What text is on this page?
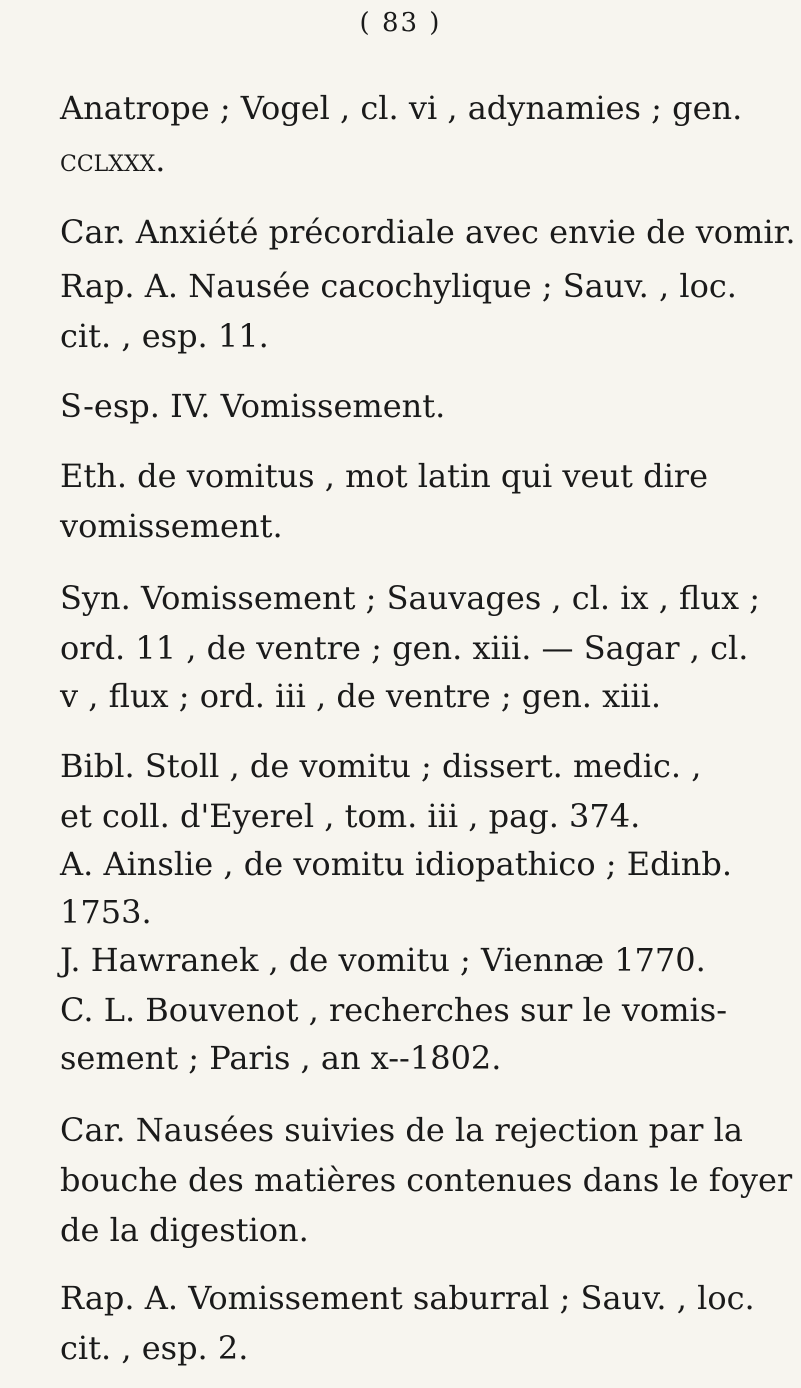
( 83 )
Anatrope ; Vogel , cl. vi , adynamies ; gen.
cclxxx.
Car. Anxiété précordiale avec envie de vomir.
Rap. A. Nausée cacochylique ; Sauv. , loc.
cit. , esp. 11.
S-esp. IV. Vomissement.
Eth. de vomitus , mot latin qui veut dire
vomissement.
Syn. Vomissement ; Sauvages , cl. ix , flux ;
ord. 11 , de ventre ; gen. xiii. — Sagar , cl.
v , flux ; ord. iii , de ventre ; gen. xiii.
Bibl. Stoll , de vomitu ; dissert. medic. ,
et coll. d'Eyerel , tom. iii , pag. 374.
A. Ainslie , de vomitu idiopathico ; Edinb.
1753.
J. Hawranek , de vomitu ; Viennæ 1770.
C. L. Bouvenot , recherches sur le vomis-
sement ; Paris , an x--1802.
Car. Nausées suivies de la rejection par la
bouche des matières contenues dans le foyer
de la digestion.
Rap. A. Vomissement saburral ; Sauv. , loc.
cit. , esp. 2.
